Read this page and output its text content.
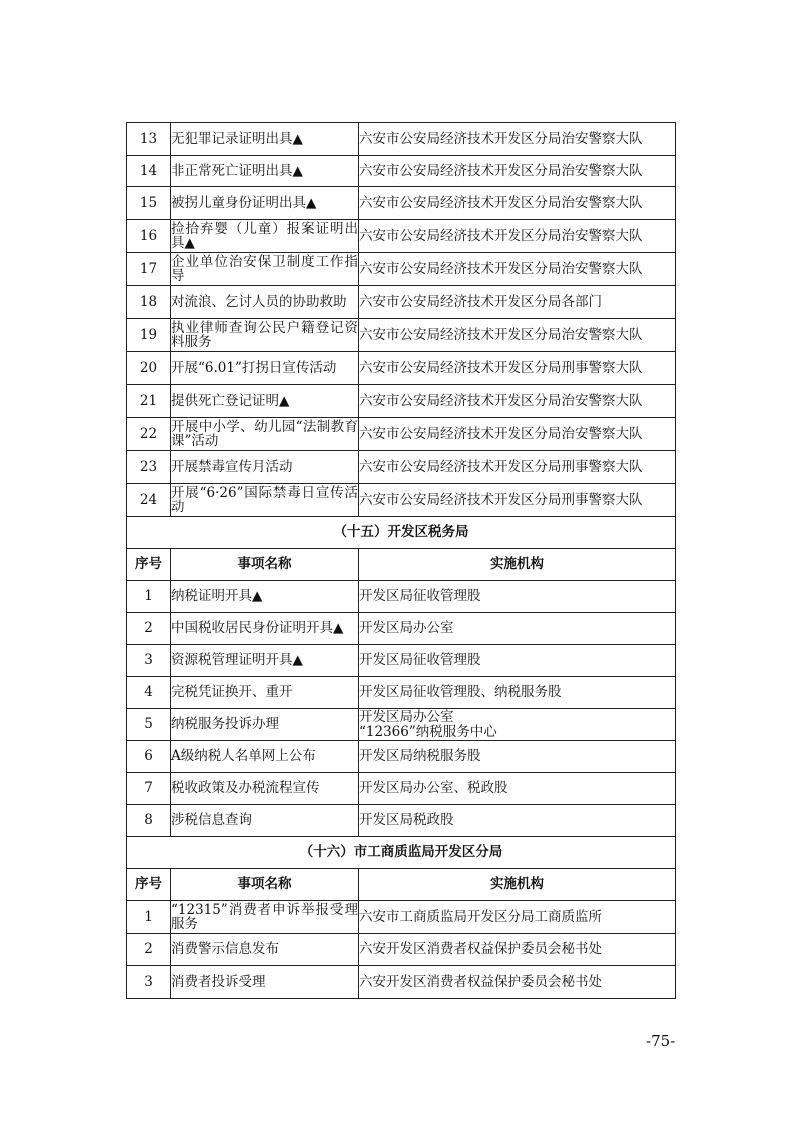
13	无犯罪记录证明出具▲	六安市公安局经济技术开发区分局治安警察大队
14	非正常死亡证明出具▲	六安市公安局经济技术开发区分局治安警察大队
15	被拐儿童身份证明出具▲	六安市公安局经济技术开发区分局治安警察大队
16	捡拾弃婴（儿童）报案证明出具▲	六安市公安局经济技术开发区分局治安警察大队
17	企业单位治安保卫制度工作指导	六安市公安局经济技术开发区分局治安警察大队
18	对流浪、乞讨人员的协助救助	六安市公安局经济技术开发区分局各部门
19	执业律师查询公民户籍登记资料服务	六安市公安局经济技术开发区分局治安警察大队
20	开展“6.01”打拐日宣传活动	六安市公安局经济技术开发区分局刑事警察大队
21	提供死亡登记证明▲	六安市公安局经济技术开发区分局治安警察大队
22	开展中小学、幼儿园“法制教育课”活动	六安市公安局经济技术开发区分局治安警察大队
23	开展禁毒宣传月活动	六安市公安局经济技术开发区分局刑事警察大队
24	开展“6·26”国际禁毒日宣传活动	六安市公安局经济技术开发区分局刑事警察大队
（十五）开发区税务局		
序号	事项名称	实施机构
1	纳税证明开具▲	开发区局征收管理股
2	中国税收居民身份证明开具▲	开发区局办公室
3	资源税管理证明开具▲	开发区局征收管理股
4	完税凭证换开、重开	开发区局征收管理股、纳税服务股
5	纳税服务投诉办理	开发区局办公室
“12366”纳税服务中心

6	A级纳税人名单网上公布	开发区局纳税服务股
7	税收政策及办税流程宣传	开发区局办公室、税政股
8	涉税信息查询	开发区局税政股
（十六）市工商质监局开发区分局		
序号	事项名称	实施机构
1	“12315”消费者申诉举报受理服务	六安市工商质监局开发区分局工商质监所
2	消费警示信息发布	六安开发区消费者权益保护委员会秘书处
3	消费者投诉受理	六安开发区消费者权益保护委员会秘书处
-75-
